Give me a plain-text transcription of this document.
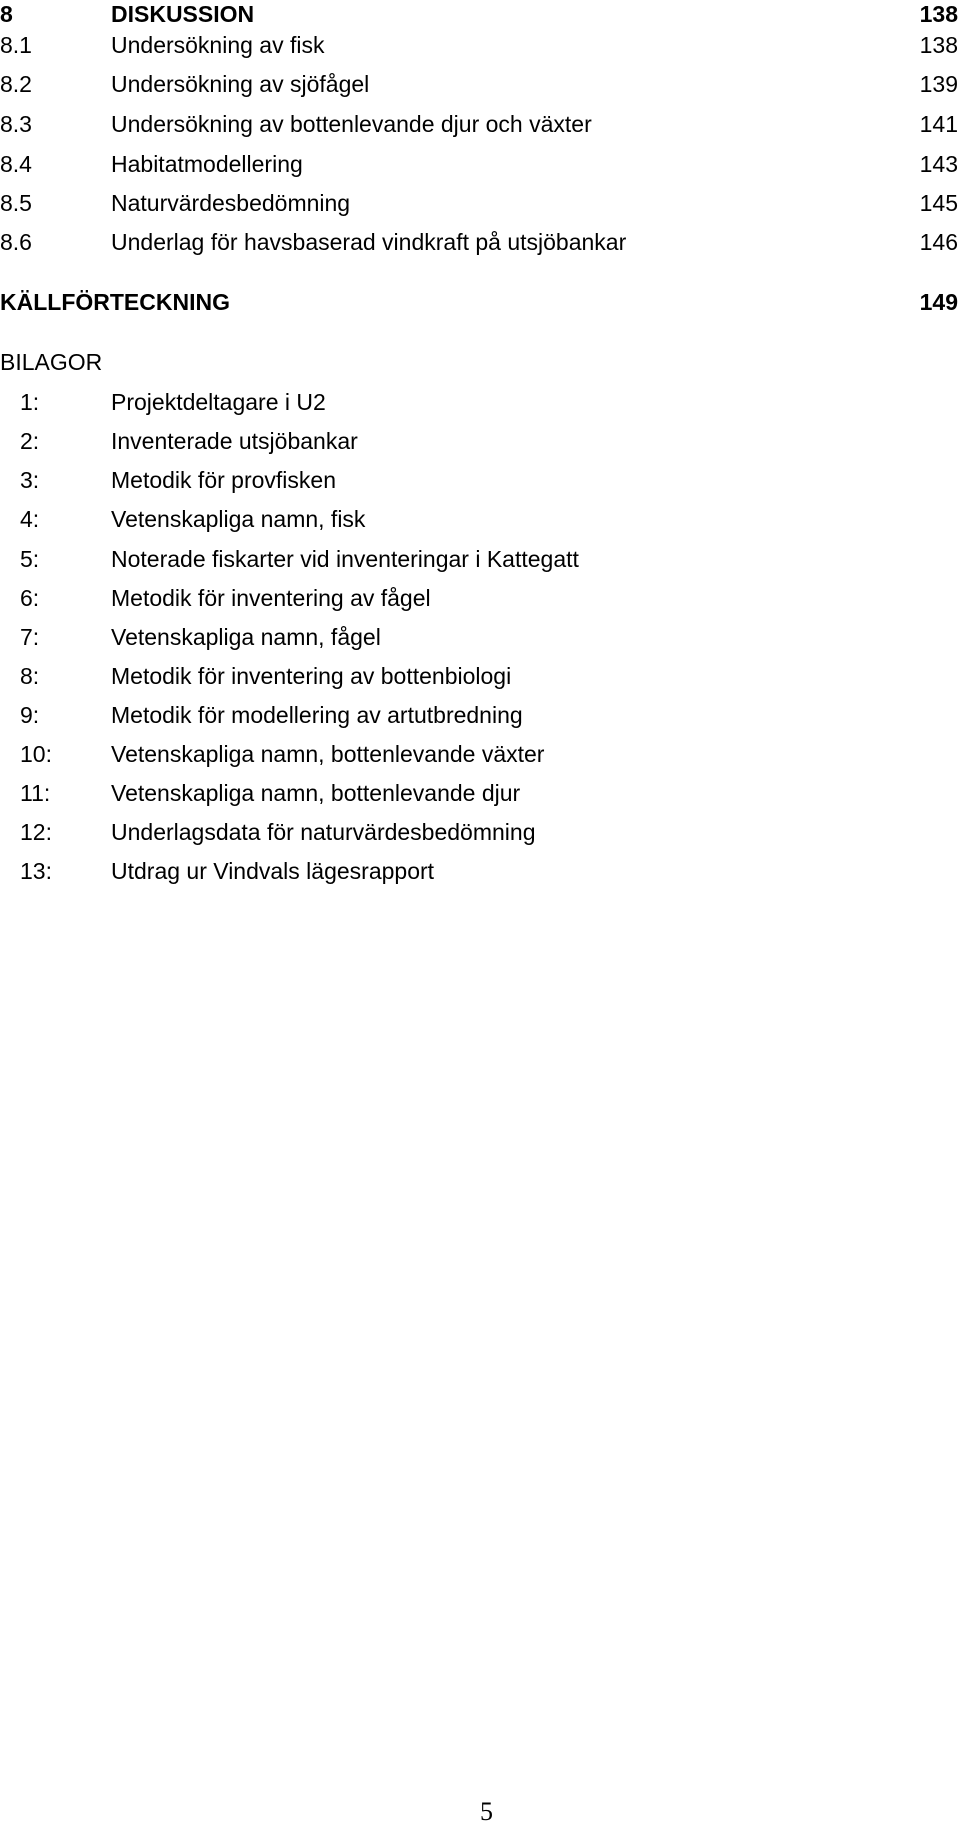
8	DISKUSSION	138
8.1	Undersökning av fisk	138
8.2	Undersökning av sjöfågel	139
8.3	Undersökning av bottenlevande djur och växter	141
8.4	Habitatmodellering	143
8.5	Naturvärdesbedömning	145
8.6	Underlag för havsbaserad vindkraft på utsjöbankar	146
KÄLLFÖRTECKNING	149
BILAGOR
1:	Projektdeltagare i U2
2:	Inventerade utsjöbankar
3:	Metodik för provfisken
4:	Vetenskapliga namn, fisk
5:	Noterade fiskarter vid inventeringar i Kattegatt
6:	Metodik för inventering av fågel
7:	Vetenskapliga namn, fågel
8:	Metodik för inventering av bottenbiologi
9:	Metodik för modellering av artutbredning
10:	Vetenskapliga namn, bottenlevande växter
11:	Vetenskapliga namn, bottenlevande djur
12:	Underlagsdata för naturvärdesbedömning
13:	Utdrag ur Vindvals lägesrapport
5
